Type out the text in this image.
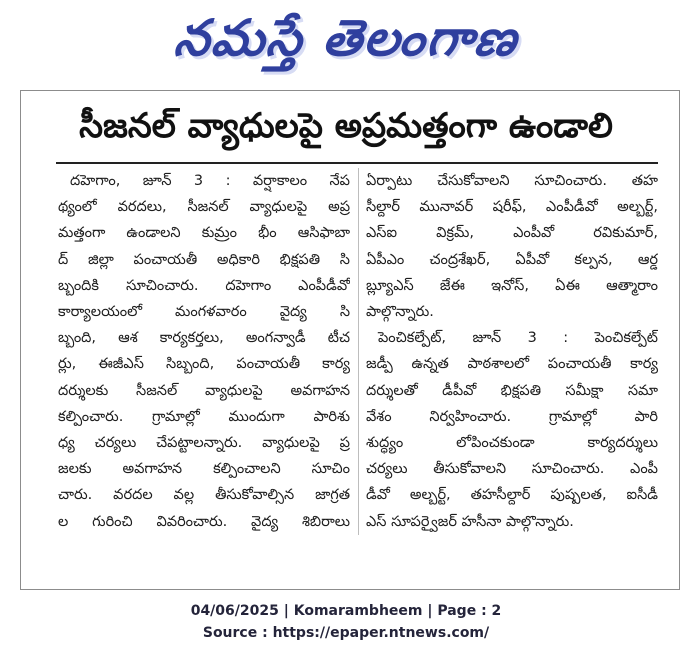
నమస్తే తెలంగాణ
సీజనల్ వ్యాధులపై అప్రమత్తంగా ఉండాలి
దహెగాం, జూన్ 3 : వర్షాకాలం నేప
థ్యంలో వరదలు, సీజనల్ వ్యాధులపై అప్ర
మత్తంగా ఉండాలని కుమ్రం భీం ఆసిఫాబా
ద్ జిల్లా పంచాయతీ అధికారి భిక్షపతి సి
బ్బందికి సూచించారు. దహెగాం ఎంపీడీవో
కార్యాలయంలో మంగళవారం వైద్య సి
బ్బంది, ఆశ కార్యకర్తలు, అంగన్వాడీ టీచ
ర్లు, ఈజీఎస్ సిబ్బంది, పంచాయతీ కార్య
దర్శులకు సీజనల్ వ్యాధులపై అవగాహన
కల్పించారు. గ్రామాల్లో ముందుగా పారిశు
ధ్య చర్యలు చేపట్టాలన్నారు. వ్యాధులపై ప్ర
జలకు అవగాహన కల్పించాలని సూచిం
చారు. వరదల వల్ల తీసుకోవాల్సిన జాగ్రత
ల గురించి వివరించారు. వైద్య శిబిరాలు
ఏర్పాటు చేసుకోవాలని సూచించారు. తహ
సీల్దార్ మునావర్ షరీఫ్, ఎంపీడీవో అల్బర్ట్,
ఎస్ఐ విక్రమ్, ఎంపీవో రవికుమార్,
ఏపీఎం చంద్రశేఖర్, ఏపీవో కల్పన, ఆర్డ
బ్ల్యూఎస్ జేఈ ఇనోస్, ఏఈ ఆత్మారాం
పాల్గొన్నారు.
పెంచికల్పేట్, జూన్ 3 : పెంచికల్పేట్
జడ్పీ ఉన్నత పాఠశాలలో పంచాయతీ కార్య
దర్శులతో డీపీవో భిక్షపతి సమీక్షా సమా
వేశం నిర్వహించారు. గ్రామాల్లో పారి
శుద్ధ్యం లోపించకుండా కార్యదర్శులు
చర్యలు తీసుకోవాలని సూచించారు. ఎంపీ
డీవో అల్బర్ట్, తహసీల్దార్ పుష్పలత, ఐసీడీ
ఎస్ సూపర్వైజర్ హసీనా పాల్గొన్నారు.
04/06/2025 | Komarambheem | Page : 2
Source : https://epaper.ntnews.com/
